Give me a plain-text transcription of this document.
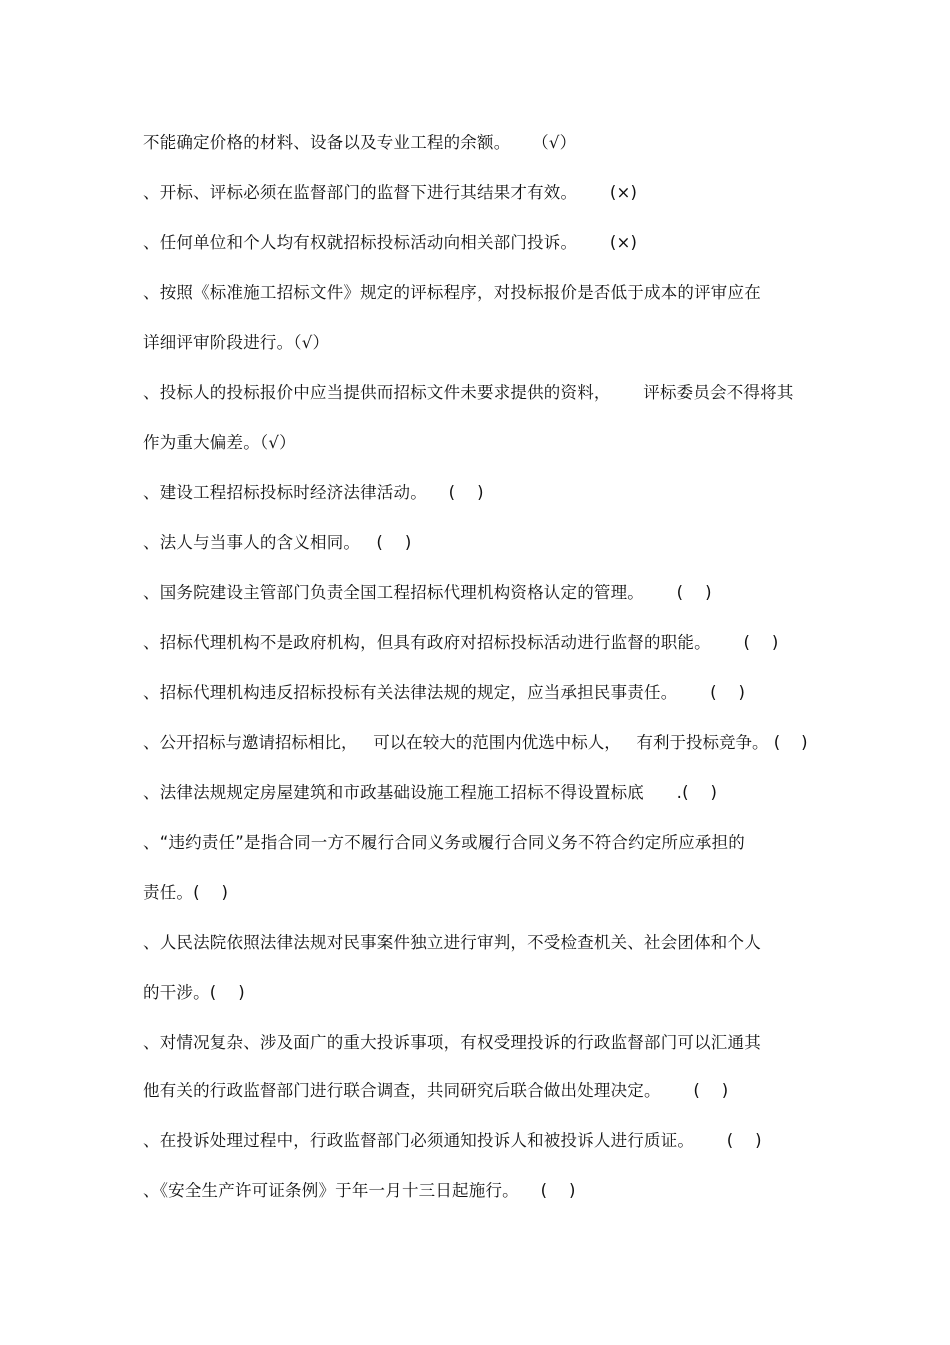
不能确定价格的材料、设备以及专业工程的余额。    （√）
、开标、评标必须在监督部门的监督下进行其结果才有效。      (×)
、任何单位和个人均有权就招标投标活动向相关部门投诉。      (×)
、按照《标准施工招标文件》规定的评标程序，对投标报价是否低于成本的评审应在
详细评审阶段进行。（√）
、投标人的投标报价中应当提供而招标文件未要求提供的资料，      评标委员会不得将其
作为重大偏差。（√）
、建设工程招标投标时经济法律活动。    (    )
、法人与当事人的含义相同。   (    )
、国务院建设主管部门负责全国工程招标代理机构资格认定的管理。      (    )
、招标代理机构不是政府机构，但具有政府对招标投标活动进行监督的职能。      (    )
、招标代理机构违反招标投标有关法律法规的规定，应当承担民事责任。      (    )
、公开招标与邀请招标相比，   可以在较大的范围内优选中标人，   有利于投标竞争。 (    )
、法律法规规定房屋建筑和市政基础设施工程施工招标不得设置标底      .(    )
、“违约责任”是指合同一方不履行合同义务或履行合同义务不符合约定所应承担的
责任。(    )
、人民法院依照法律法规对民事案件独立进行审判，不受检查机关、社会团体和个人
的干涉。(    )
、对情况复杂、涉及面广的重大投诉事项，有权受理投诉的行政监督部门可以汇通其
他有关的行政监督部门进行联合调查，共同研究后联合做出处理决定。      (    )
、在投诉处理过程中，行政监督部门必须通知投诉人和被投诉人进行质证。      (    )
、《安全生产许可证条例》于年一月十三日起施行。    (    )
